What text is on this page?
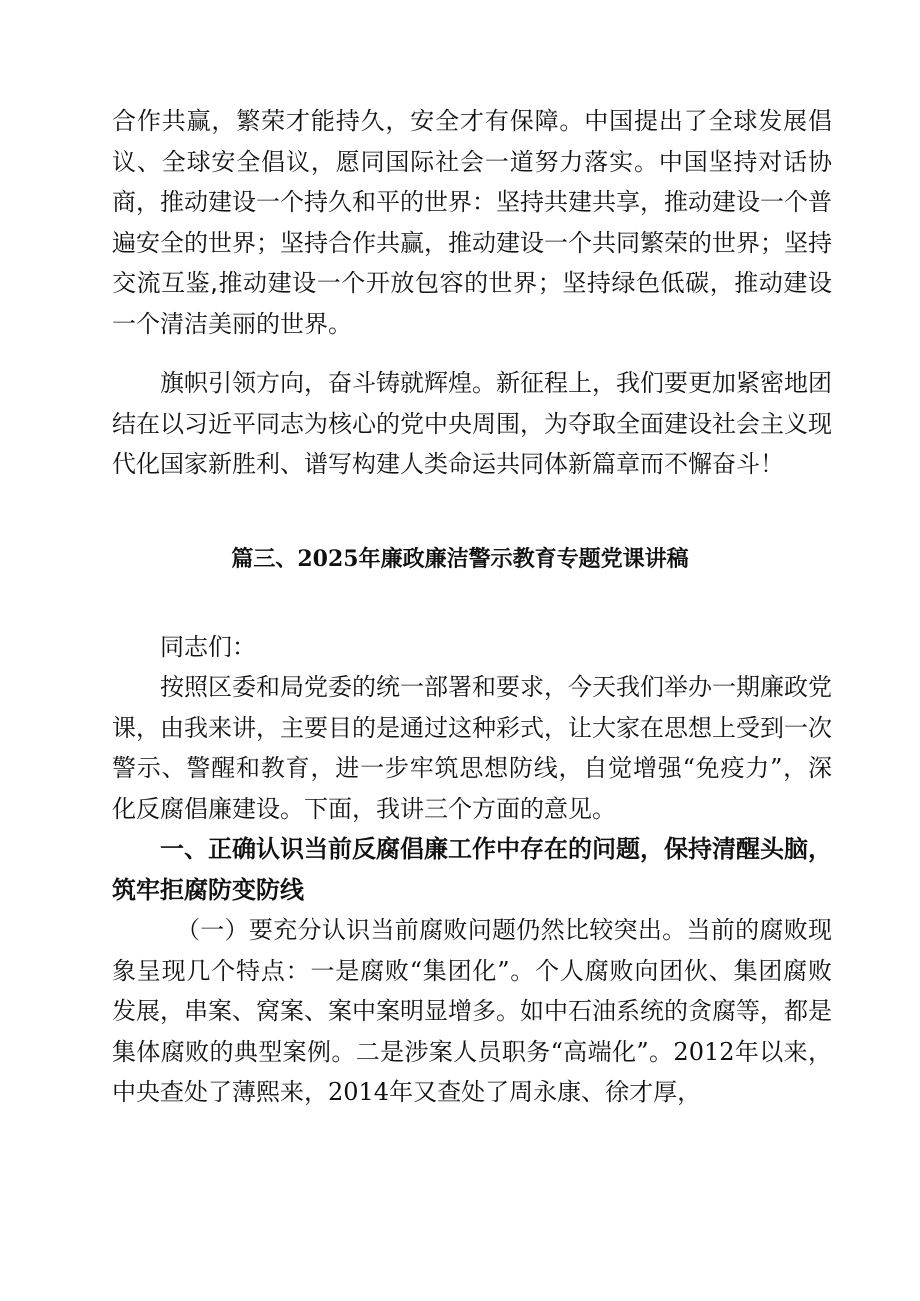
合作共赢，繁荣才能持久，安全才有保障。中国提出了全球发展倡议、全球安全倡议，愿同国际社会一道努力落实。中国坚持对话协商，推动建设一个持久和平的世界：坚持共建共享，推动建设一个普遍安全的世界；坚持合作共赢，推动建设一个共同繁荣的世界；坚持交流互鉴,推动建设一个开放包容的世界；坚持绿色低碳，推动建设一个清洁美丽的世界。

旗帜引领方向，奋斗铸就辉煌。新征程上，我们要更加紧密地团结在以习近平同志为核心的党中央周围，为夺取全面建设社会主义现代化国家新胜利、谱写构建人类命运共同体新篇章而不懈奋斗！

篇三、2025年廉政廉洁警示教育专题党课讲稿

同志们：

按照区委和局党委的统一部署和要求，今天我们举办一期廉政党课，由我来讲，主要目的是通过这种彩式，让大家在思想上受到一次警示、警醒和教育，进一步牢筑思想防线，自觉增强“免疫力”，深化反腐倡廉建设。下面，我讲三个方面的意见。

一、正确认识当前反腐倡廉工作中存在的问题，保持清醒头脑，筑牢拒腐防变防线

（一）要充分认识当前腐败问题仍然比较突出。当前的腐败现象呈现几个特点：一是腐败“集团化”。个人腐败向团伙、集团腐败发展，串案、窝案、案中案明显增多。如中石油系统的贪腐等，都是集体腐败的典型案例。二是涉案人员职务“高端化”。2012年以来，中央查处了薄熙来，2014年又查处了周永康、徐才厚，
